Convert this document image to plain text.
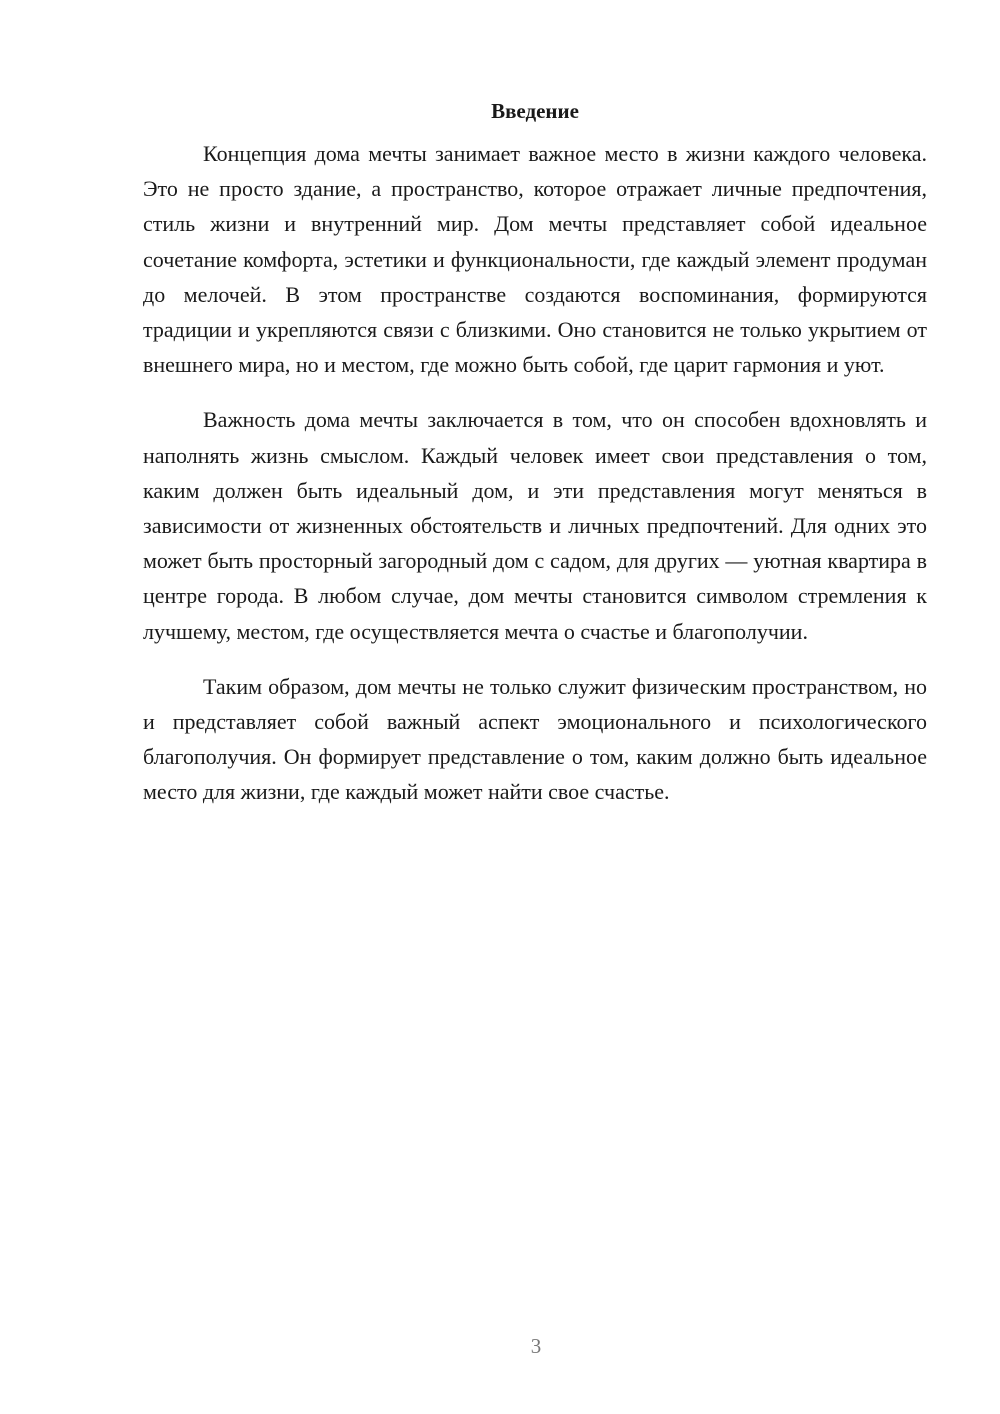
Введение

Концепция дома мечты занимает важное место в жизни каждого человека. Это не просто здание, а пространство, которое отражает личные предпочтения, стиль жизни и внутренний мир. Дом мечты представляет собой идеальное сочетание комфорта, эстетики и функциональности, где каждый элемент продуман до мелочей. В этом пространстве создаются воспоминания, формируются традиции и укрепляются связи с близкими. Оно становится не только укрытием от внешнего мира, но и местом, где можно быть собой, где царит гармония и уют.

Важность дома мечты заключается в том, что он способен вдохновлять и наполнять жизнь смыслом. Каждый человек имеет свои представления о том, каким должен быть идеальный дом, и эти представления могут меняться в зависимости от жизненных обстоятельств и личных предпочтений. Для одних это может быть просторный загородный дом с садом, для других — уютная квартира в центре города. В любом случае, дом мечты становится символом стремления к лучшему, местом, где осуществляется мечта о счастье и благополучии.

Таким образом, дом мечты не только служит физическим пространством, но и представляет собой важный аспект эмоционального и психологического благополучия. Он формирует представление о том, каким должно быть идеальное место для жизни, где каждый может найти свое счастье.

3
